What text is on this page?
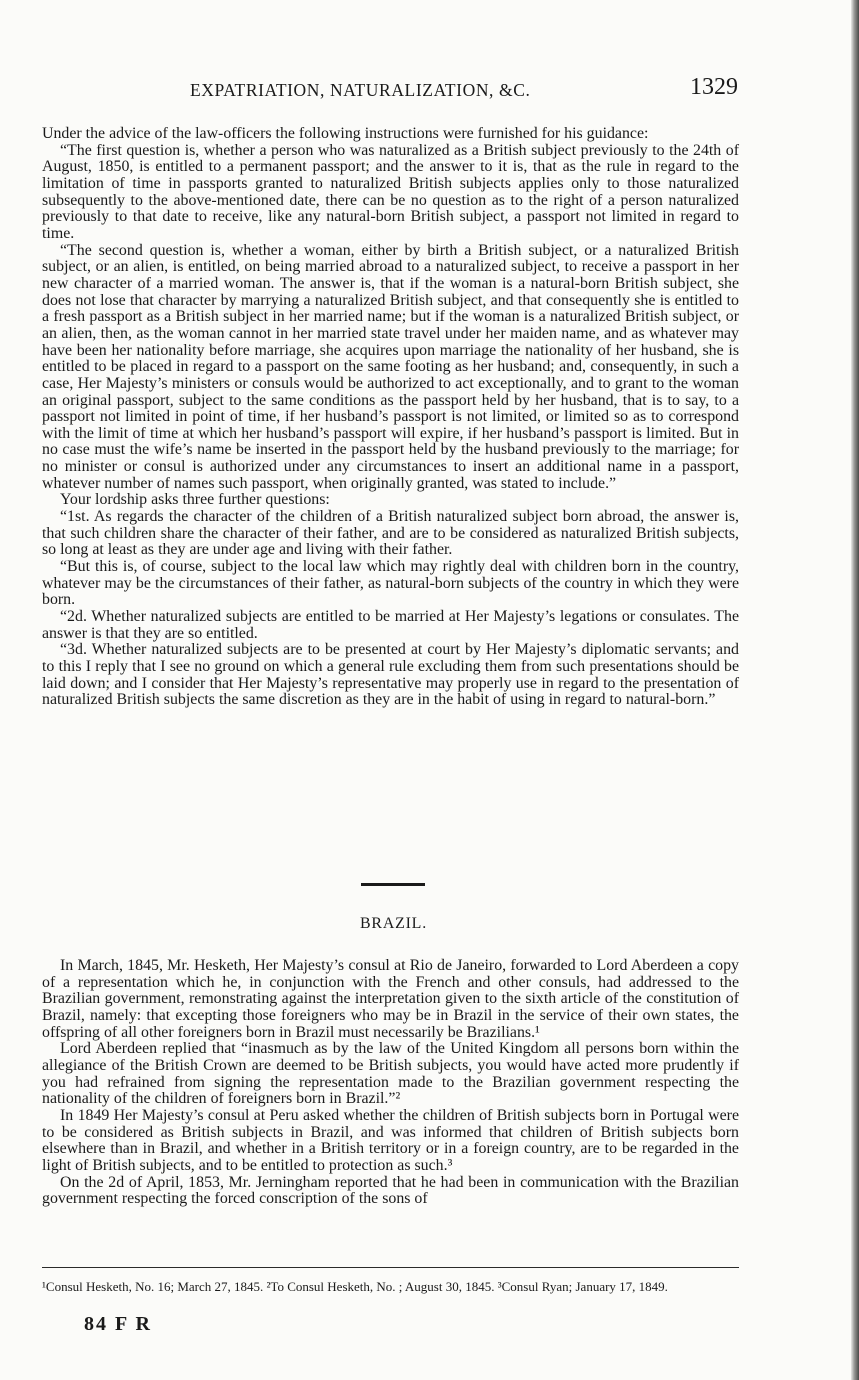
EXPATRIATION, NATURALIZATION, &C.	1329

Under the advice of the law-officers the following instructions were furnished for his guidance:

“The first question is, whether a person who was naturalized as a British subject previously to the 24th of August, 1850, is entitled to a permanent passport; and the answer to it is, that as the rule in regard to the limitation of time in passports granted to naturalized British subjects applies only to those naturalized subsequently to the above-mentioned date, there can be no question as to the right of a person naturalized previously to that date to receive, like any natural-born British subject, a passport not limited in regard to time.

“The second question is, whether a woman, either by birth a British subject, or a naturalized British subject, or an alien, is entitled, on being married abroad to a naturalized subject, to receive a passport in her new character of a married woman. The answer is, that if the woman is a natural-born British subject, she does not lose that character by marrying a naturalized British subject, and that consequently she is entitled to a fresh passport as a British subject in her married name; but if the woman is a naturalized British subject, or an alien, then, as the woman cannot in her married state travel under her maiden name, and as whatever may have been her nationality before marriage, she acquires upon marriage the nationality of her husband, she is entitled to be placed in regard to a passport on the same footing as her husband; and, consequently, in such a case, Her Majesty’s ministers or consuls would be authorized to act exceptionally, and to grant to the woman an original passport, subject to the same conditions as the passport held by her husband, that is to say, to a passport not limited in point of time, if her husband’s passport is not limited, or limited so as to correspond with the limit of time at which her husband’s passport will expire, if her husband’s passport is limited. But in no case must the wife’s name be inserted in the passport held by the husband previously to the marriage; for no minister or consul is authorized under any circumstances to insert an additional name in a passport, whatever number of names such passport, when originally granted, was stated to include.”

Your lordship asks three further questions:

“1st. As regards the character of the children of a British naturalized subject born abroad, the answer is, that such children share the character of their father, and are to be considered as naturalized British subjects, so long at least as they are under age and living with their father.

“But this is, of course, subject to the local law which may rightly deal with children born in the country, whatever may be the circumstances of their father, as natural-born subjects of the country in which they were born.

“2d. Whether naturalized subjects are entitled to be married at Her Majesty’s legations or consulates. The answer is that they are so entitled.

“3d. Whether naturalized subjects are to be presented at court by Her Majesty’s diplomatic servants; and to this I reply that I see no ground on which a general rule excluding them from such presentations should be laid down; and I consider that Her Majesty’s representative may properly use in regard to the presentation of naturalized British subjects the same discretion as they are in the habit of using in regard to natural-born.”

BRAZIL.

In March, 1845, Mr. Hesketh, Her Majesty’s consul at Rio de Janeiro, forwarded to Lord Aberdeen a copy of a representation which he, in conjunction with the French and other consuls, had addressed to the Brazilian government, remonstrating against the interpretation given to the sixth article of the constitution of Brazil, namely: that excepting those foreigners who may be in Brazil in the service of their own states, the offspring of all other foreigners born in Brazil must necessarily be Brazilians.¹

Lord Aberdeen replied that “inasmuch as by the law of the United Kingdom all persons born within the allegiance of the British Crown are deemed to be British subjects, you would have acted more prudently if you had refrained from signing the representation made to the Brazilian government respecting the nationality of the children of foreigners born in Brazil.”²

In 1849 Her Majesty’s consul at Peru asked whether the children of British subjects born in Portugal were to be considered as British subjects in Brazil, and was informed that children of British subjects born elsewhere than in Brazil, and whether in a British territory or in a foreign country, are to be regarded in the light of British subjects, and to be entitled to protection as such.³

On the 2d of April, 1853, Mr. Jerningham reported that he had been in communication with the Brazilian government respecting the forced conscription of the sons of

¹Consul Hesketh, No. 16; March 27, 1845. ²To Consul Hesketh, No. ; August 30, 1845. ³Consul Ryan; January 17, 1849.
84 F R
